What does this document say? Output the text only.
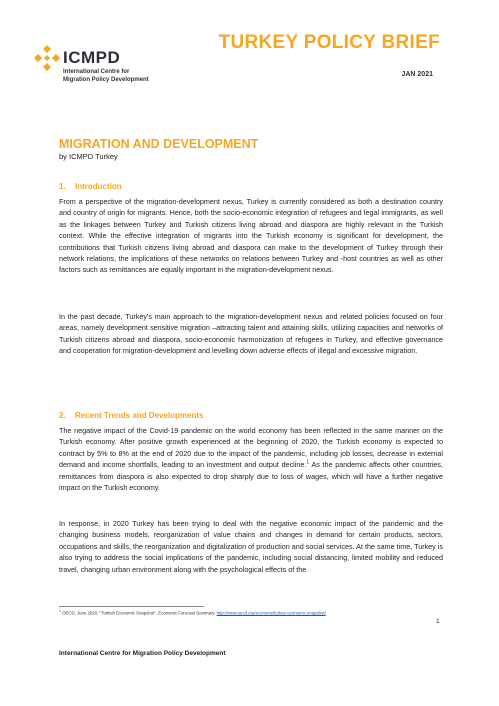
ICMPD
International Centre for
Migration Policy Development
TURKEY POLICY BRIEF
JAN 2021
MIGRATION AND DEVELOPMENT
by ICMPD Turkey
1. Introduction
From a perspective of the migration-development nexus, Turkey is currently considered as both a destination country and country of origin for migrants. Hence, both the socio-economic integration of refugees and legal immigrants, as well as the linkages between Turkey and Turkish citizens living abroad and diaspora are highly relevant in the Turkish context. While the effective integration of migrants into the Turkish economy is significant for development, the contributions that Turkish citizens living abroad and diaspora can make to the development of Turkey through their network relations, the implications of these networks on relations between Turkey and -host countries as well as other factors such as remittances are equally important in the migration-development nexus.
In the past decade, Turkey's main approach to the migration-development nexus and related policies focused on four areas, namely development sensitive migration –attracting talent and attaining skills, utilizing capacities and networks of Turkish citizens abroad and diaspora, socio-economic harmonization of refugees in Turkey, and effective governance and cooperation for migration-development and levelling down adverse effects of illegal and excessive migration.
2. Recent Trends and Developments
The negative impact of the Covid-19 pandemic on the world economy has been reflected in the same manner on the Turkish economy. After positive growth experienced at the beginning of 2020, the Turkish economy is expected to contract by 5% to 8% at the end of 2020 due to the impact of the pandemic, including job losses, decrease in external demand and income shortfalls, leading to an investment and output decline.$^1$ As the pandemic affects other countries, remittances from diaspora is also expected to drop sharply due to loss of wages, which will have a further negative impact on the Turkish economy.
In response, in 2020 Turkey has been trying to deal with the negative economic impact of the pandemic and the changing business models, reorganization of value chains and changes in demand for certain products, sectors, occupations and skills, the reorganization and digitalization of production and social services. At the same time, Turkey is also trying to address the social implications of the pandemic, including social distancing, limited mobility and reduced travel, changing urban environment along with the psychological effects of the
$^1$ OECD. June 2020. "Turkish Economic Snapshot". Economic Forecast Summary. http://www.oecd.org/economy/turkey-economic-snapshot/
1
International Centre for Migration Policy Development
